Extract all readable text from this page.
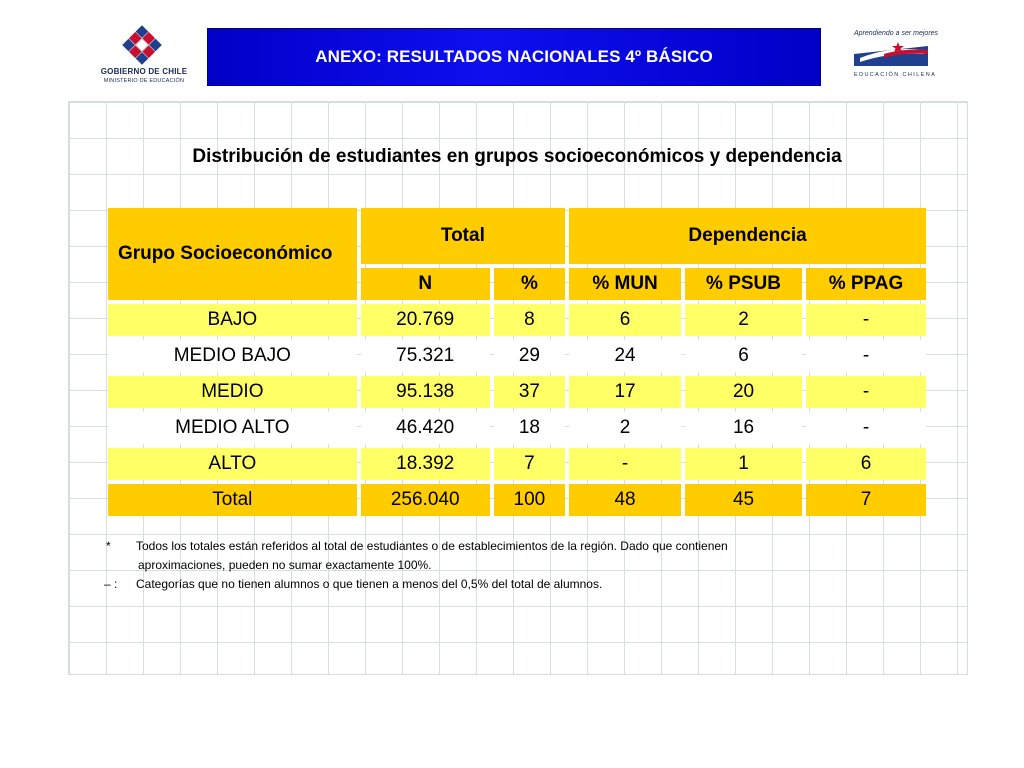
GOBIERNO DE CHILE
MINISTERIO DE EDUCACIÓN
ANEXO: RESULTADOS NACIONALES 4º BÁSICO
Aprendiendo a ser mejores
EDUCACIÓN CHILENA
Distribución de estudiantes en grupos socioeconómicos y dependencia
Grupo Socioeconómico	Total		Dependencia		
	N	%	% MUN	% PSUB	% PPAG
BAJO	20.769	8	6	2	-
MEDIO BAJO	75.321	29	24	6	-
MEDIO	95.138	37	17	20	-
MEDIO ALTO	46.420	18	2	16	-
ALTO	18.392	7	-	1	6
Total	256.040	100	48	45	7
* Todos los totales están referidos al total de estudiantes o de establecimientos de la región. Dado que contienen
aproximaciones, pueden no sumar exactamente 100%.
– : Categorías que no tienen alumnos o que tienen a menos del 0,5% del total de alumnos.
